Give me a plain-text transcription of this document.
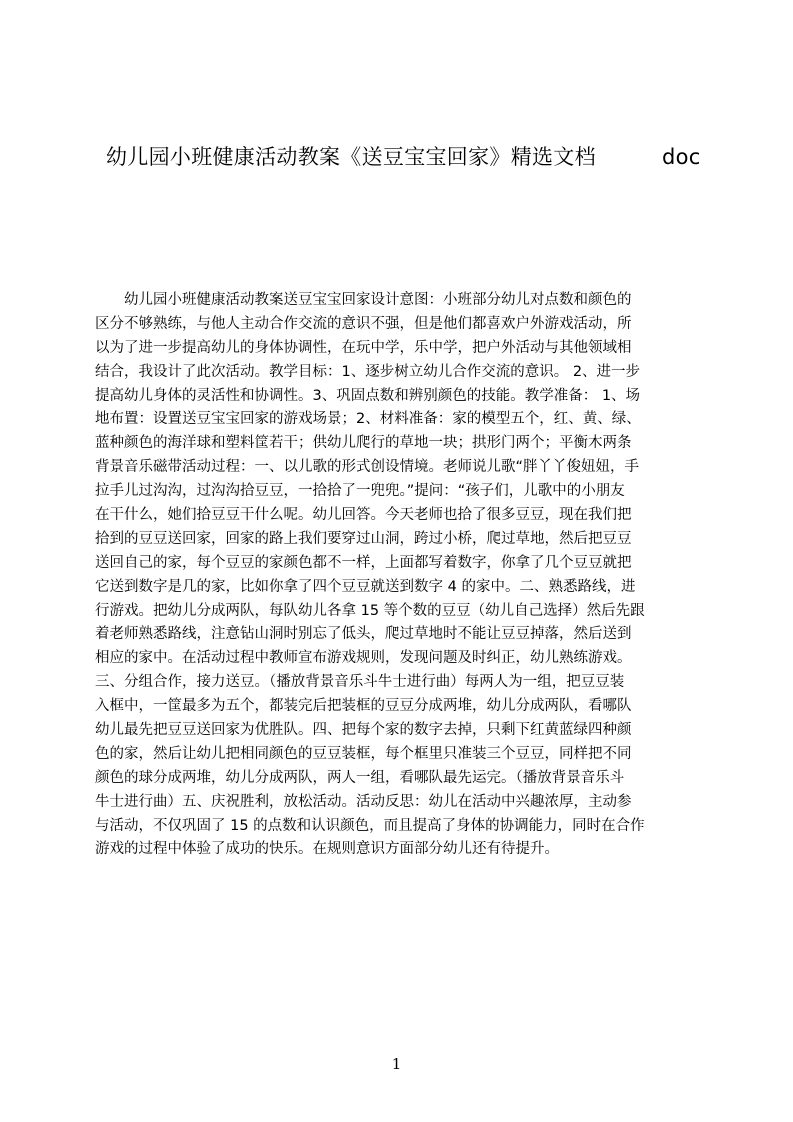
幼儿园小班健康活动教案《送豆宝宝回家》精选文档	doc
　　幼儿园小班健康活动教案送豆宝宝回家设计意图：小班部分幼儿对点数和颜色的
区分不够熟练，与他人主动合作交流的意识不强，但是他们都喜欢户外游戏活动，所
以为了进一步提高幼儿的身体协调性，在玩中学，乐中学，把户外活动与其他领域相
结合，我设计了此次活动。教学目标：1、逐步树立幼儿合作交流的意识。 2、进一步
提高幼儿身体的灵活性和协调性。3、巩固点数和辨别颜色的技能。教学准备： 1、场
地布置：设置送豆宝宝回家的游戏场景；2、材料准备：家的模型五个，红、黄、绿、
蓝种颜色的海洋球和塑料筐若干；供幼儿爬行的草地一块；拱形门两个；平衡木两条
背景音乐磁带活动过程：一、以儿歌的形式创设情境。老师说儿歌“胖丫丫俊妞妞，手
拉手儿过沟沟，过沟沟拾豆豆，一拾拾了一兜兜。”提问：“孩子们，儿歌中的小朋友
在干什么，她们拾豆豆干什么呢。幼儿回答。今天老师也拾了很多豆豆，现在我们把
拾到的豆豆送回家，回家的路上我们要穿过山洞，跨过小桥，爬过草地，然后把豆豆
送回自己的家，每个豆豆的家颜色都不一样，上面都写着数字，你拿了几个豆豆就把
它送到数字是几的家，比如你拿了四个豆豆就送到数字 4 的家中。二、熟悉路线，进
行游戏。把幼儿分成两队，每队幼儿各拿 15 等个数的豆豆（幼儿自己选择）然后先跟
着老师熟悉路线，注意钻山洞时别忘了低头，爬过草地时不能让豆豆掉落，然后送到
相应的家中。在活动过程中教师宣布游戏规则，发现问题及时纠正，幼儿熟练游戏。
三、分组合作，接力送豆。（播放背景音乐斗牛士进行曲）每两人为一组，把豆豆装
入框中，一筐最多为五个，都装完后把装框的豆豆分成两堆，幼儿分成两队，看哪队
幼儿最先把豆豆送回家为优胜队。四、把每个家的数字去掉，只剩下红黄蓝绿四种颜
色的家，然后让幼儿把相同颜色的豆豆装框，每个框里只准装三个豆豆，同样把不同
颜色的球分成两堆，幼儿分成两队，两人一组，看哪队最先运完。（播放背景音乐斗
牛士进行曲）五、庆祝胜利，放松活动。活动反思：幼儿在活动中兴趣浓厚，主动参
与活动，不仅巩固了 15 的点数和认识颜色，而且提高了身体的协调能力，同时在合作
游戏的过程中体验了成功的快乐。在规则意识方面部分幼儿还有待提升。
1
